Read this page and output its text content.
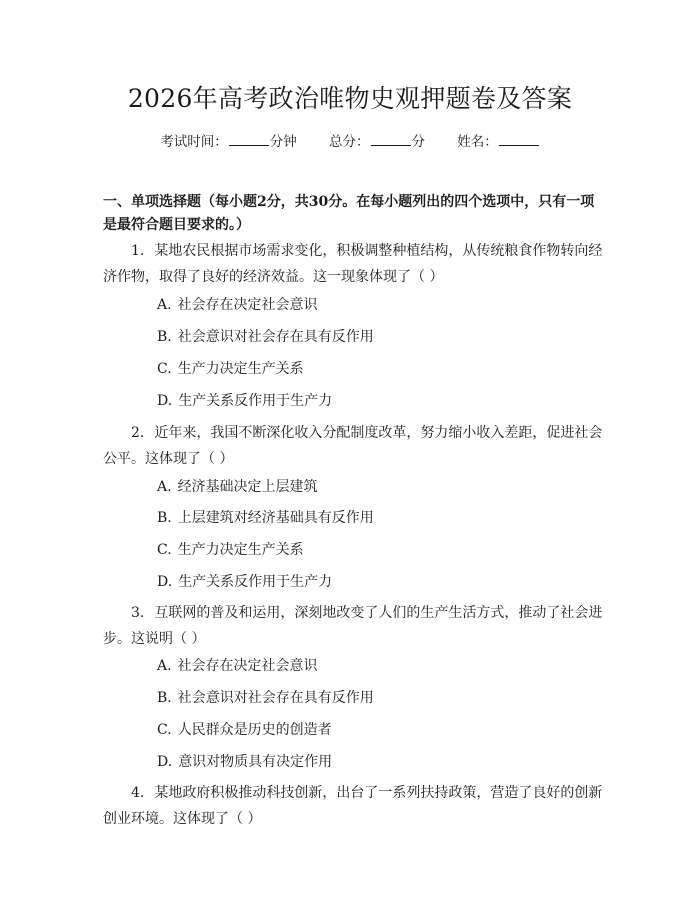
2026年高考政治唯物史观押题卷及答案
考试时间：	分钟 总分：	分 姓名：
一、单项选择题（每小题2分，共30分。在每小题列出的四个选项中，只有一项是最符合题目要求的。）
1. 某地农民根据市场需求变化，积极调整种植结构，从传统粮食作物转向经济作物，取得了良好的经济效益。这一现象体现了（ ）
A. 社会存在决定社会意识
B. 社会意识对社会存在具有反作用
C. 生产力决定生产关系
D. 生产关系反作用于生产力
2. 近年来，我国不断深化收入分配制度改革，努力缩小收入差距，促进社会公平。这体现了（ ）
A. 经济基础决定上层建筑
B. 上层建筑对经济基础具有反作用
C. 生产力决定生产关系
D. 生产关系反作用于生产力
3. 互联网的普及和运用，深刻地改变了人们的生产生活方式，推动了社会进步。这说明（ ）
A. 社会存在决定社会意识
B. 社会意识对社会存在具有反作用
C. 人民群众是历史的创造者
D. 意识对物质具有决定作用
4. 某地政府积极推动科技创新，出台了一系列扶持政策，营造了良好的创新创业环境。这体现了（ ）
